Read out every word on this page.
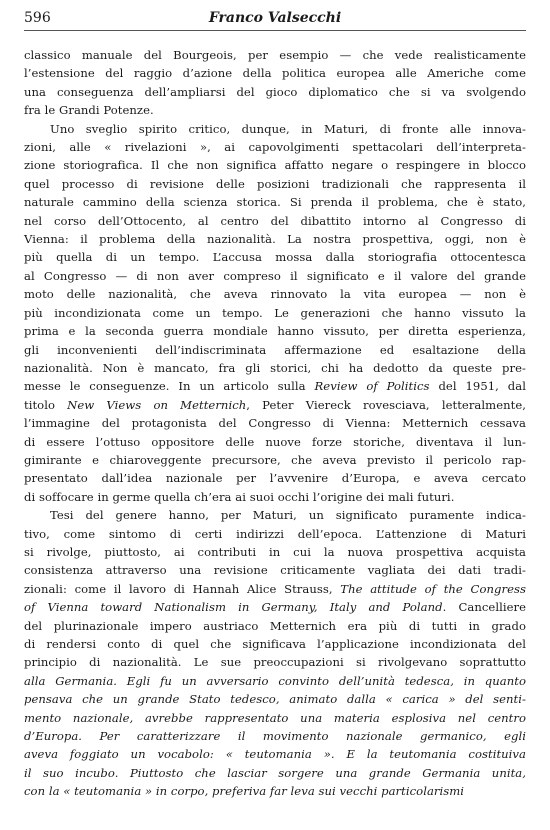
596	Franco Valsecchi

classico manuale del Bourgeois, per esempio — che vede realisticamente
l’estensione del raggio d’azione della politica europea alle Americhe come
una conseguenza dell’ampliarsi del gioco diplomatico che si va svolgendo
fra le Grandi Potenze.

Uno sveglio spirito critico, dunque, in Maturi, di fronte alle innova-
zioni, alle « rivelazioni », ai capovolgimenti spettacolari dell’interpreta-
zione storiografica. Il che non significa affatto negare o respingere in blocco
quel processo di revisione delle posizioni tradizionali che rappresenta il
naturale cammino della scienza storica. Si prenda il problema, che è stato,
nel corso dell’Ottocento, al centro del dibattito intorno al Congresso di
Vienna: il problema della nazionalità. La nostra prospettiva, oggi, non è
più quella di un tempo. L’accusa mossa dalla storiografia ottocentesca
al Congresso — di non aver compreso il significato e il valore del grande
moto delle nazionalità, che aveva rinnovato la vita europea — non è
più incondizionata come un tempo. Le generazioni che hanno vissuto la
prima e la seconda guerra mondiale hanno vissuto, per diretta esperienza,
gli inconvenienti dell’indiscriminata affermazione ed esaltazione della
nazionalità. Non è mancato, fra gli storici, chi ha dedotto da queste pre-
messe le conseguenze. In un articolo sulla Review of Politics del 1951, dal
titolo New Views on Metternich, Peter Viereck rovesciava, letteralmente,
l’immagine del protagonista del Congresso di Vienna: Metternich cessava
di essere l’ottuso oppositore delle nuove forze storiche, diventava il lun-
gimirante e chiaroveggente precursore, che aveva previsto il pericolo rap-
presentato dall’idea nazionale per l’avvenire d’Europa, e aveva cercato
di soffocare in germe quella ch’era ai suoi occhi l’origine dei mali futuri.

Tesi del genere hanno, per Maturi, un significato puramente indica-
tivo, come sintomo di certi indirizzi dell’epoca. L’attenzione di Maturi
si rivolge, piuttosto, ai contributi in cui la nuova prospettiva acquista
consistenza attraverso una revisione criticamente vagliata dei dati tradi-
zionali: come il lavoro di Hannah Alice Strauss, The attitude of the Congress
of Vienna toward Nationalism in Germany, Italy and Poland. Cancelliere
del plurinazionale impero austriaco Metternich era più di tutti in grado
di rendersi conto di quel che significava l’applicazione incondizionata del
principio di nazionalità. Le sue preoccupazioni si rivolgevano soprattutto
alla Germania. Egli fu un avversario convinto dell’unità tedesca, in quanto
pensava che un grande Stato tedesco, animato dalla « carica » del senti-
mento nazionale, avrebbe rappresentato una materia esplosiva nel centro
d’Europa. Per caratterizzare il movimento nazionale germanico, egli
aveva foggiato un vocabolo: « teutomania ». E la teutomania costituiva
il suo incubo. Piuttosto che lasciar sorgere una grande Germania unita,
con la « teutomania » in corpo, preferiva far leva sui vecchi particolarismi
